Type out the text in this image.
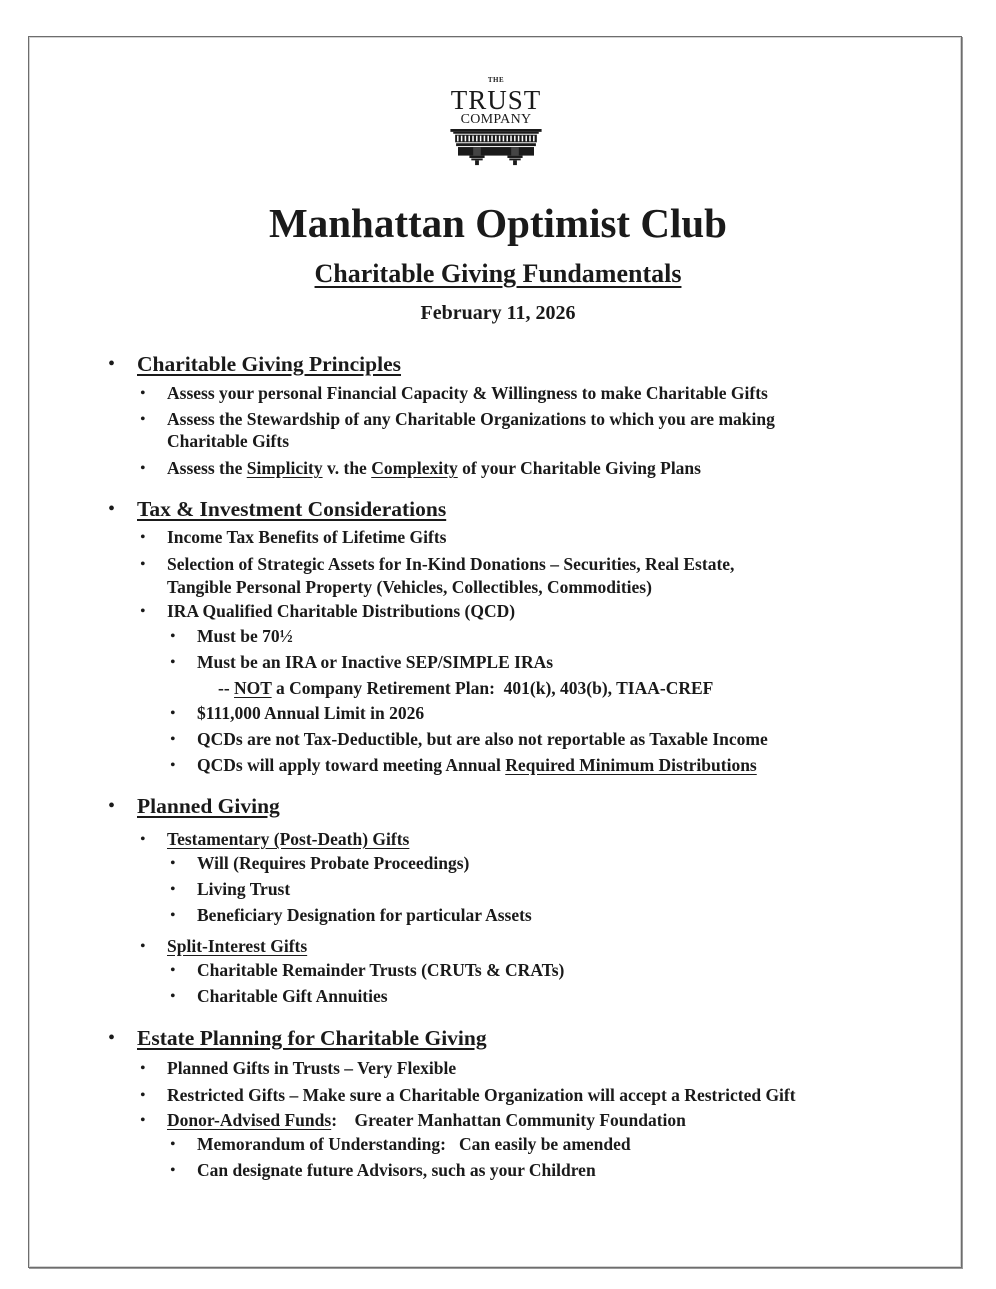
THE
TRUST
COMPANY
Manhattan Optimist Club
Charitable Giving Fundamentals
February 11, 2026
• Charitable Giving Principles
• Assess your personal Financial Capacity & Willingness to make Charitable Gifts
• Assess the Stewardship of any Charitable Organizations to which you are making
Charitable Gifts
• Assess the Simplicity v. the Complexity of your Charitable Giving Plans
• Tax & Investment Considerations
• Income Tax Benefits of Lifetime Gifts
• Selection of Strategic Assets for In-Kind Donations – Securities, Real Estate,
Tangible Personal Property (Vehicles, Collectibles, Commodities)
• IRA Qualified Charitable Distributions (QCD)
• Must be 70½
• Must be an IRA or Inactive SEP/SIMPLE IRAs
-- NOT a Company Retirement Plan:  401(k), 403(b), TIAA-CREF
• $111,000 Annual Limit in 2026
• QCDs are not Tax-Deductible, but are also not reportable as Taxable Income
• QCDs will apply toward meeting Annual Required Minimum Distributions
• Planned Giving
• Testamentary (Post-Death) Gifts
• Will (Requires Probate Proceedings)
• Living Trust
• Beneficiary Designation for particular Assets
• Split-Interest Gifts
• Charitable Remainder Trusts (CRUTs & CRATs)
• Charitable Gift Annuities
• Estate Planning for Charitable Giving
• Planned Gifts in Trusts – Very Flexible
• Restricted Gifts – Make sure a Charitable Organization will accept a Restricted Gift
• Donor-Advised Funds:    Greater Manhattan Community Foundation
• Memorandum of Understanding:   Can easily be amended
• Can designate future Advisors, such as your Children
